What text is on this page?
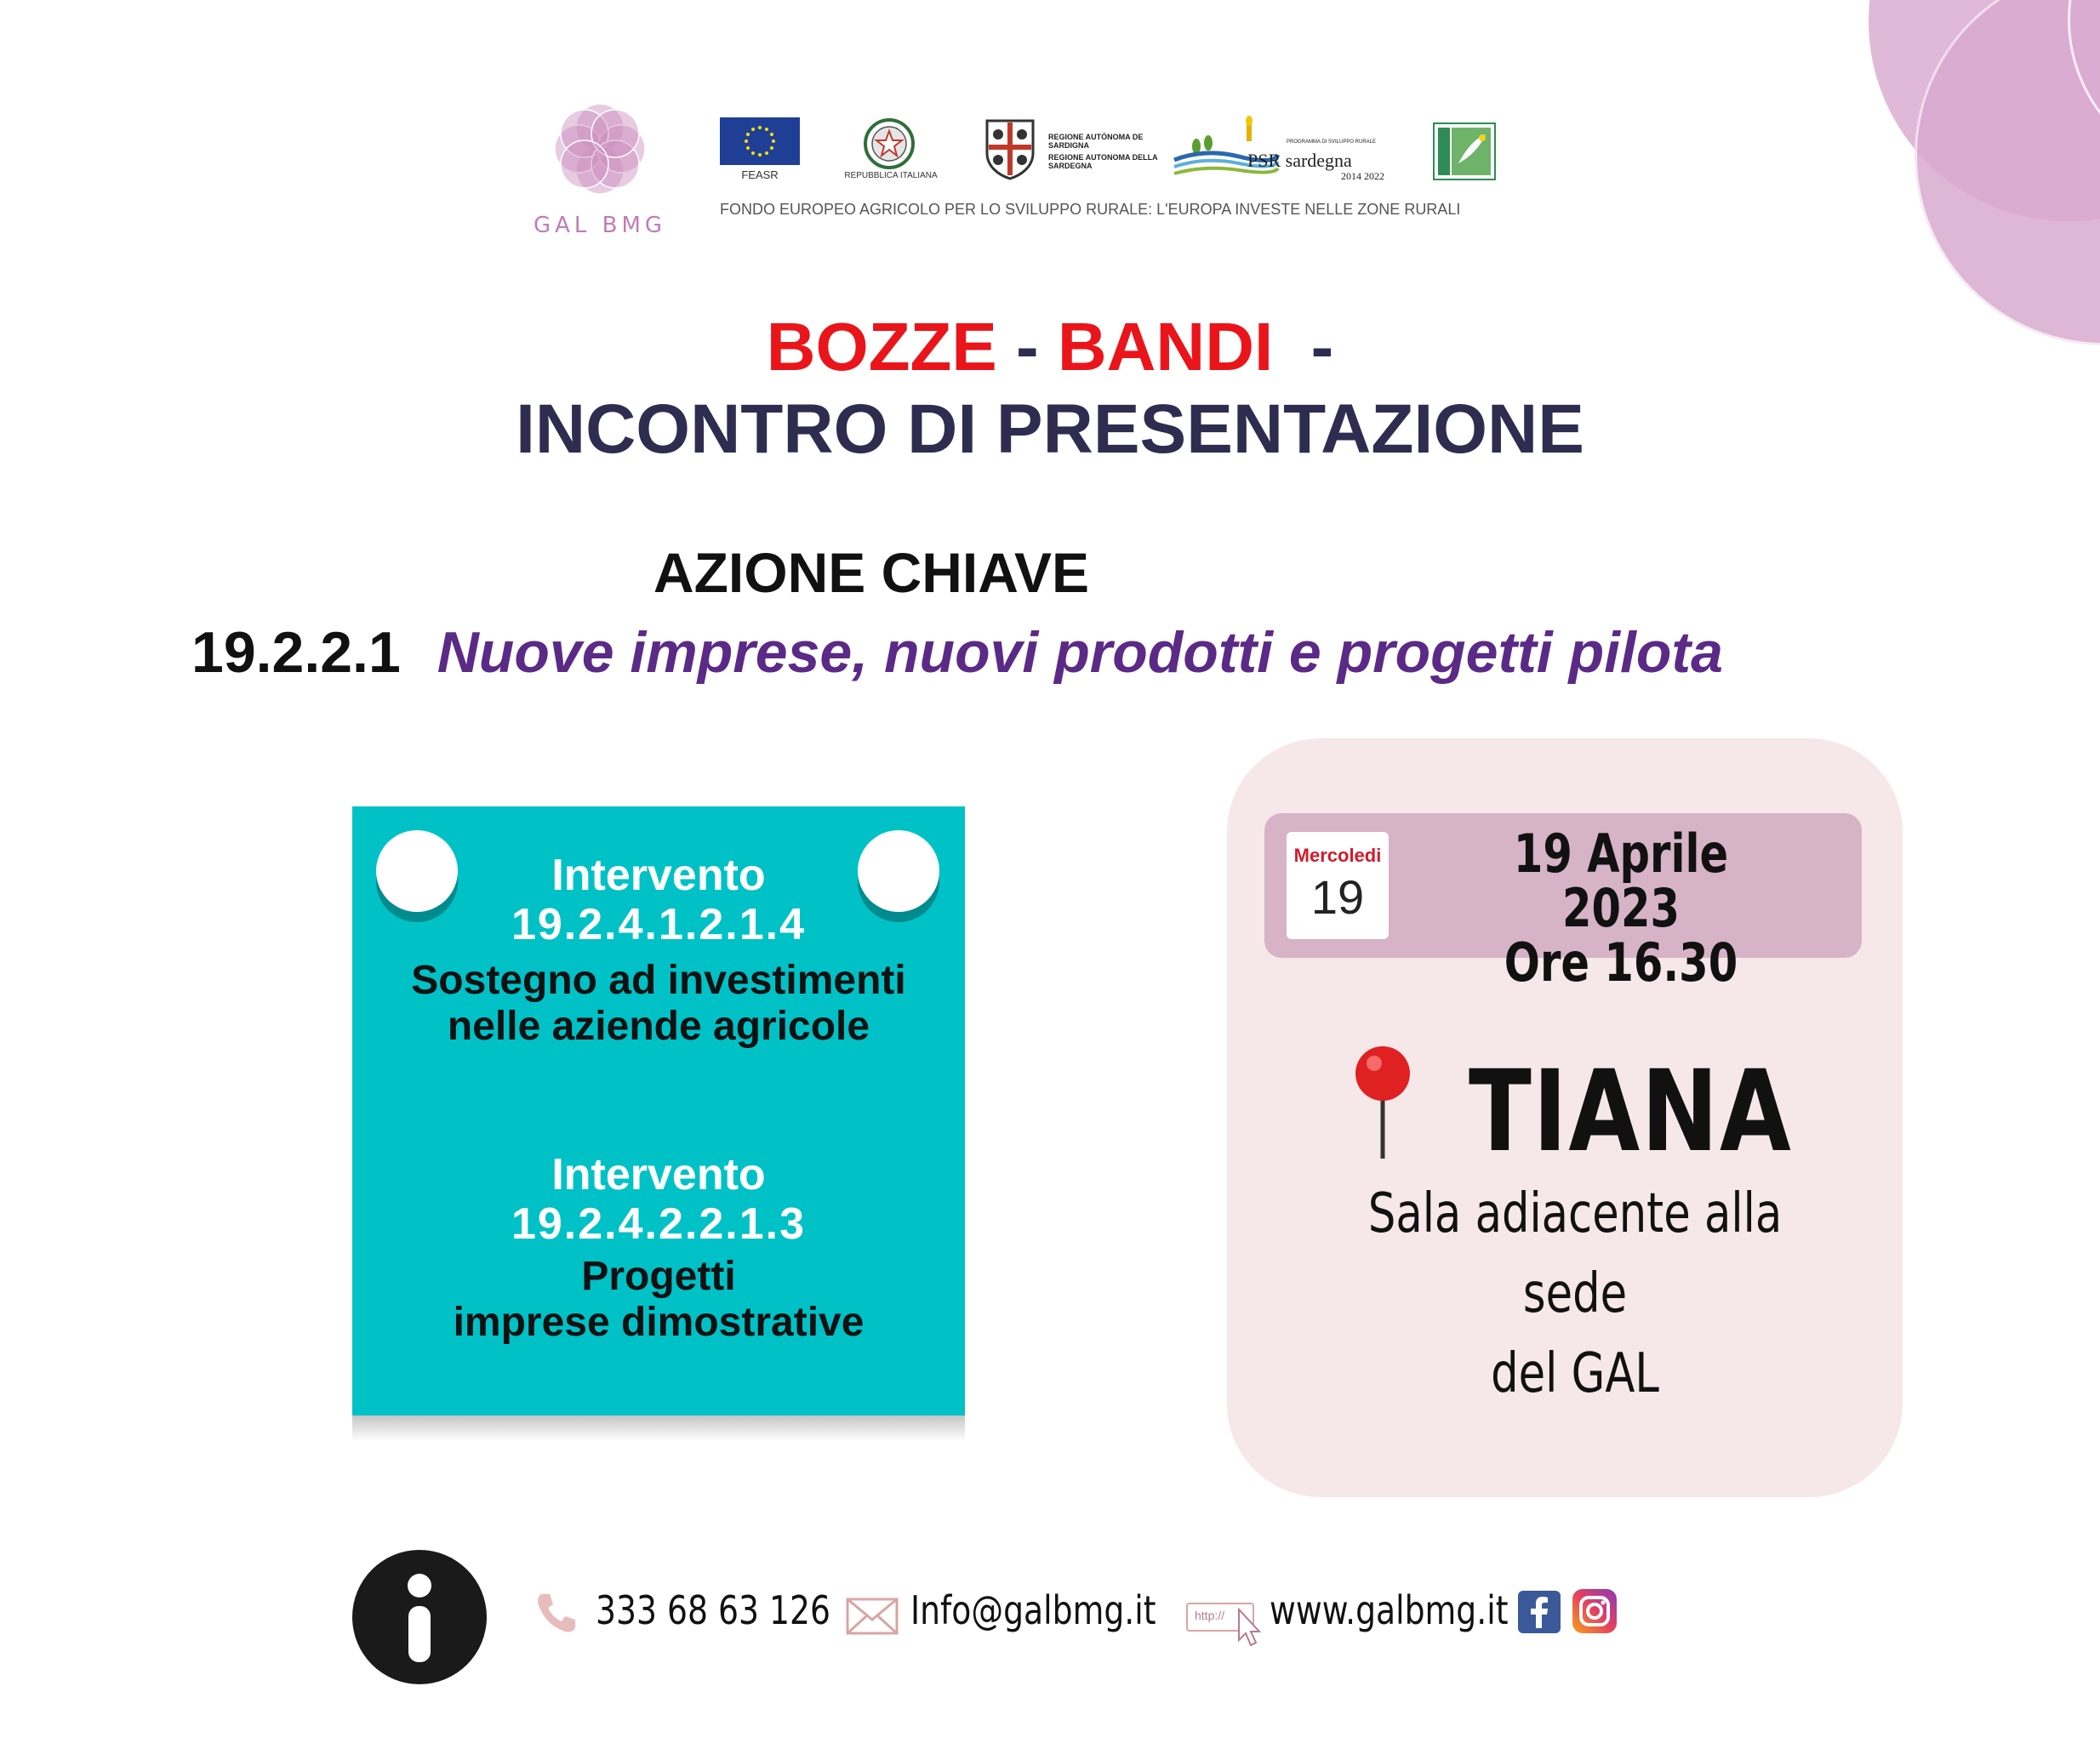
GAL BMG
FEASR	REPUBBLICA ITALIANA
REGIONE AUTÒNOMA DE SARDIGNA
REGIONE AUTONOMA DELLA SARDEGNA
PROGRAMMA DI SVILUPPO RURALE
PSR sardegna
2014 2022
FONDO EUROPEO AGRICOLO PER LO SVILUPPO RURALE: L'EUROPA INVESTE NELLE ZONE RURALI
BOZZE - BANDI  -
INCONTRO DI PRESENTAZIONE
AZIONE CHIAVE
19.2.2.1 Nuove imprese, nuovi prodotti e progetti pilota
Intervento
19.2.4.1.2.1.4
Sostegno ad investimenti
nelle aziende agricole
Intervento
19.2.4.2.2.1.3
Progetti
imprese dimostrative
Mercoledi
19
19 Aprile 2023
Ore 16.30
TIANA
Sala adiacente alla sede
del GAL
333 68 63 126 Info@galbmg.it	http://	www.galbmg.it
